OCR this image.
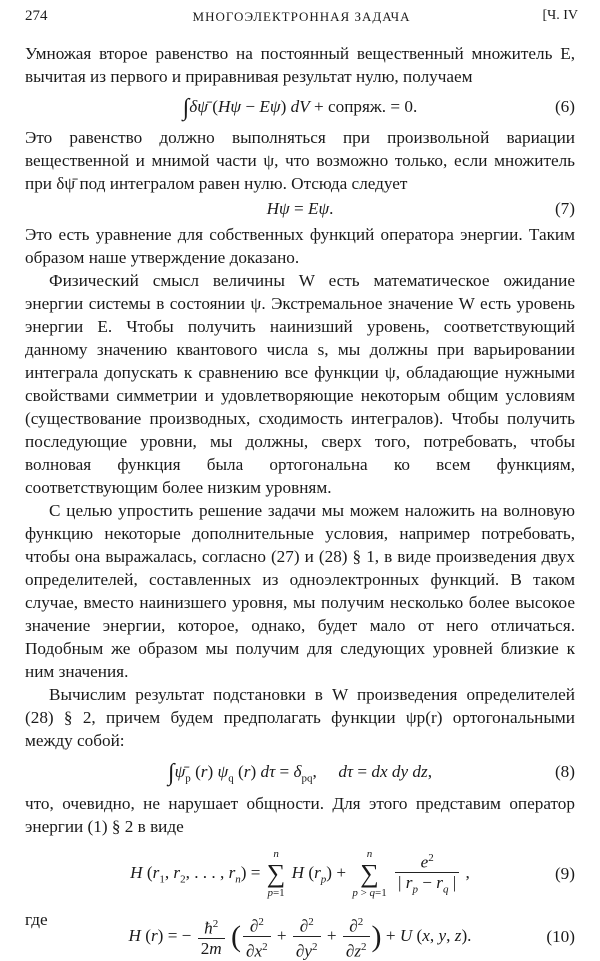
274	МНОГОЭЛЕКТРОННАЯ ЗАДАЧА	[Ч. IV

Умножая второе равенство на постоянный вещественный множитель E, вычитая из первого и приравнивая результат нулю, получаем

∫δψ̄ (Hψ − Eψ) dV + сопряж. = 0.	(6)

Это равенство должно выполняться при произвольной вариации вещественной и мнимой части ψ, что возможно только, если множитель при δψ̄ под интегралом равен нулю. Отсюда следует

Hψ = Eψ.	(7)

Это есть уравнение для собственных функций оператора энергии. Таким образом наше утверждение доказано.

Физический смысл величины W есть математическое ожидание энергии системы в состоянии ψ. Экстремальное значение W есть уровень энергии E. Чтобы получить наинизший уровень, соответствующий данному значению квантового числа s, мы должны при варьировании интеграла допускать к сравнению все функции ψ, обладающие нужными свойствами симметрии и удовлетворяющие некоторым общим условиям (существование производных, сходимость интегралов). Чтобы получить последующие уровни, мы должны, сверх того, потребовать, чтобы волновая функция была ортогональна ко всем функциям, соответствующим более низким уровням.

С целью упростить решение задачи мы можем наложить на волновую функцию некоторые дополнительные условия, например потребовать, чтобы она выражалась, согласно (27) и (28) § 1, в виде произведения двух определителей, составленных из одноэлектронных функций. В таком случае, вместо наинизшего уровня, мы получим несколько более высокое значение энергии, которое, однако, будет мало от него отличаться. Подобным же образом мы получим для следующих уровней близкие к ним значения.

Вычислим результат подстановки в W произведения определителей (28) § 2, причем будем предполагать функции ψp(r) ортогональными между собой:

$\int\psī_p$ (r) $\psi_q$ (r) $d\tau = \delta_{pq}$,     dτ = dx dy dz,	(8)

что, очевидно, не нарушает общности. Для этого представим оператор энергии (1) § 2 в виде

H ($r_1$, $r_2$, . . . , $r_n$) =
n
∑
p=1
H $(r_p)$ +
n
∑
p > q=1
$\frac{e^2}{| r_p - r_q |}$ ,	(9)

где

H (r) = − $\frac{ħ^2}{2m}$ ( $\frac{\partial^2}{\partial x^2} + \frac{\partial^2}{\partial y^2} + \frac{\partial^2}{\partial z^2}$ ) + U (x, y, z).	(10)
